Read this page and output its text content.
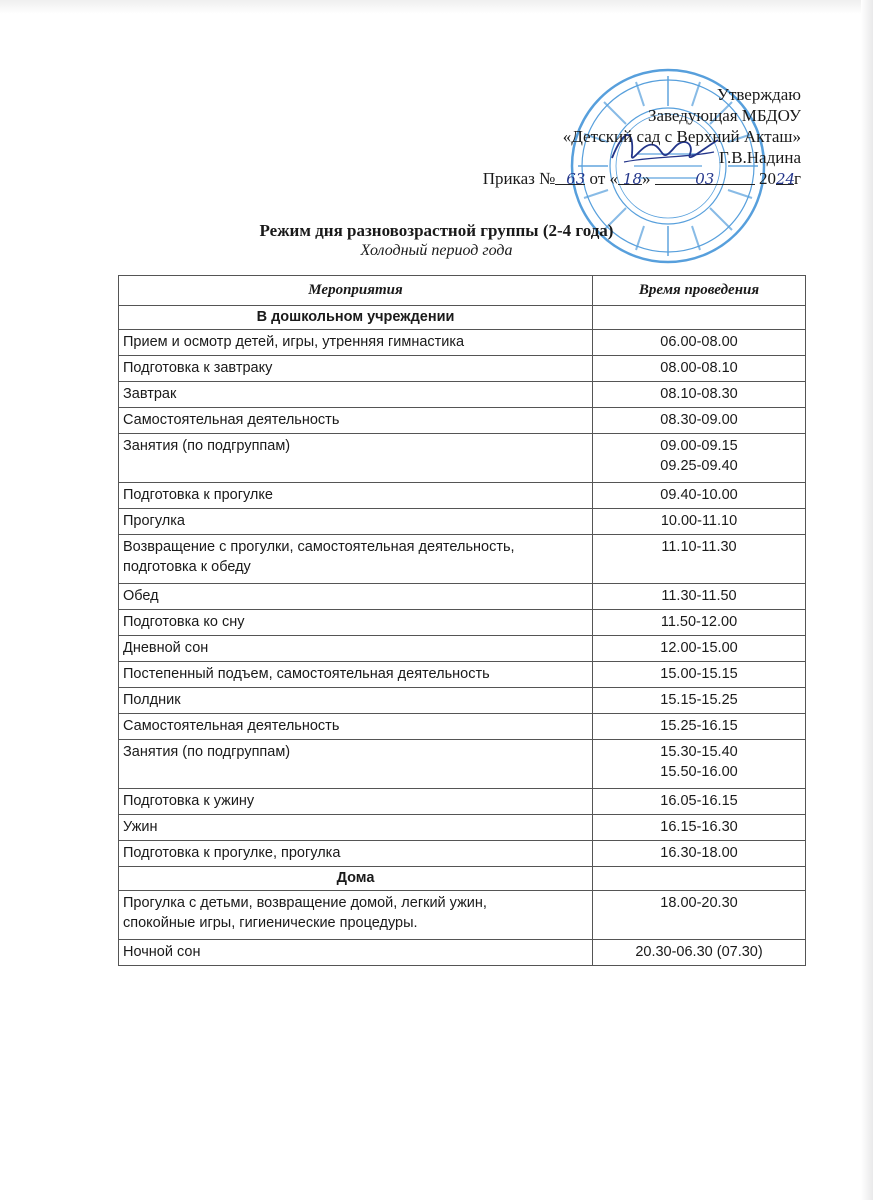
Утверждаю
Заведующая МБДОУ
«Детский сад с Верхний Акташ»
Г.В.Надина
Приказ № 63 от « 18»	03	2024г
Режим дня разновозрастной группы (2-4 года)
Холодный период года
Мероприятия	Время проведения
В дошкольном учреждении	
Прием и осмотр детей, игры, утренняя гимнастика	06.00-08.00
Подготовка к завтраку	08.00-08.10
Завтрак	08.10-08.30
Самостоятельная деятельность	08.30-09.00
Занятия (по подгруппам)	09.00-09.15
09.25-09.40

Подготовка к прогулке	09.40-10.00
Прогулка	10.00-11.10

Возвращение с прогулки, самостоятельная деятельность,
подготовка к обеду	11.10-11.30
Обед	11.30-11.50
Подготовка ко сну	11.50-12.00
Дневной сон	12.00-15.00
Постепенный подъем, самостоятельная деятельность	15.00-15.15
Полдник	15.15-15.25
Самостоятельная деятельность	15.25-16.15
Занятия (по подгруппам)	15.30-15.40
15.50-16.00

Подготовка к ужину	16.05-16.15
Ужин	16.15-16.30
Подготовка к прогулке, прогулка	16.30-18.00
Дома	

Прогулка с детьми, возвращение домой, легкий ужин,
спокойные игры, гигиенические процедуры.	18.00-20.30
Ночной сон	20.30-06.30 (07.30)
